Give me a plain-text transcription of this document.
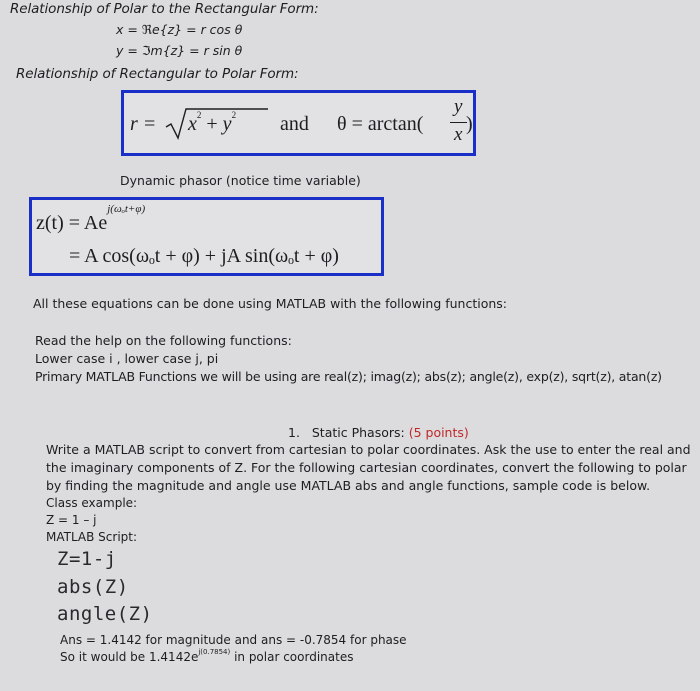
Relationship of Polar to the Rectangular Form:
x = ℜe{z} = r cos θ
y = ℑm{z} = r sin θ
Relationship of Rectangular to Polar Form:
$r = x^2 + y^2$ and θ = arctan(
y
x )
Dynamic phasor (notice time variable)
$z(t) = Ae^{j(\omega_ot+\varphi)}$
= A cos(ωₒt + φ) + jA sin(ωₒt + φ)
All these equations can be done using MATLAB with the following functions:
Read the help on the following functions:
Lower case i , lower case j, pi
Primary MATLAB Functions we will be using are real(z); imag(z); abs(z); angle(z), exp(z), sqrt(z), atan(z)
1. Static Phasors: (5 points)
Write a MATLAB script to convert from cartesian to polar coordinates. Ask the use to enter the real and
the imaginary components of Z. For the following cartesian coordinates, convert the following to polar
by finding the magnitude and angle use MATLAB abs and angle functions, sample code is below.
Class example:
Z = 1 – j
MATLAB Script:
Z=1-j
abs(Z)
angle(Z)
Ans = 1.4142 for magnitude and ans = -0.7854 for phase
So it would be $1.4142e^{j(0.7854)}$ in polar coordinates
